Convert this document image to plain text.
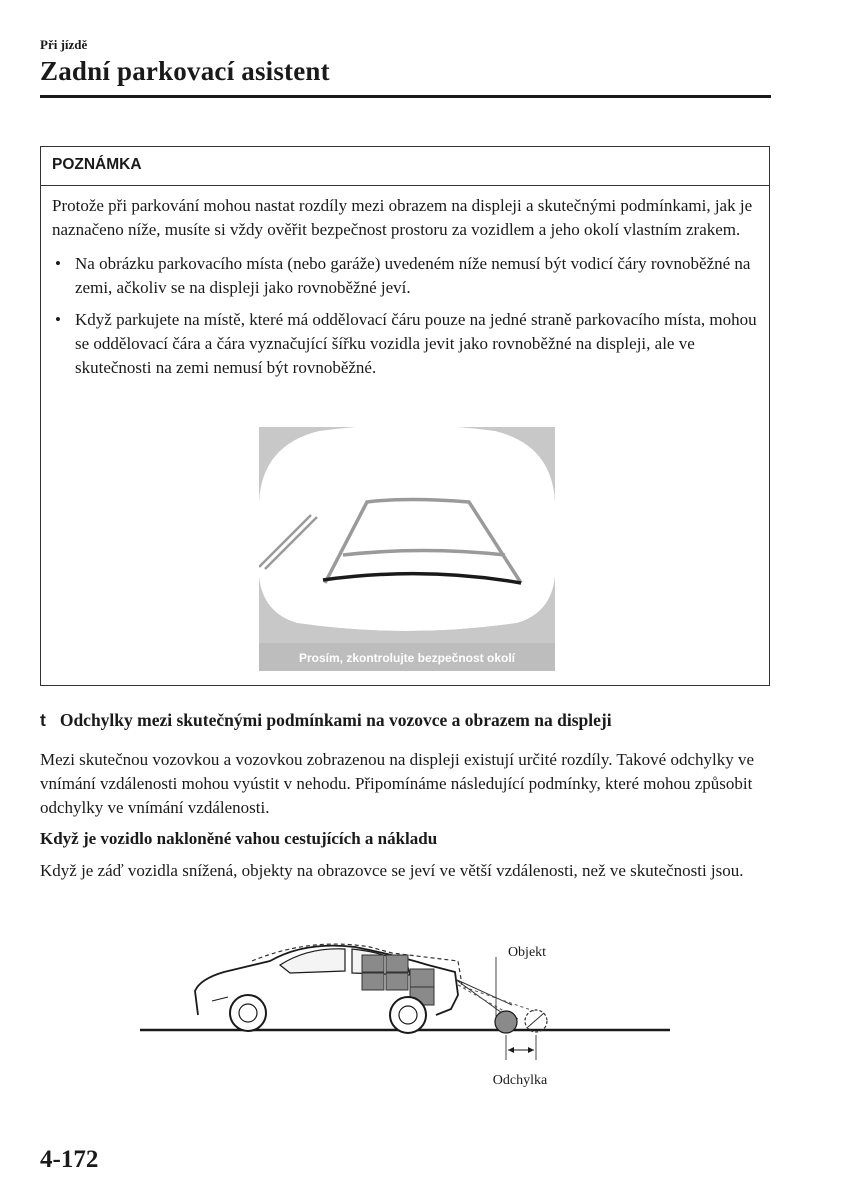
Při jízdě
Zadní parkovací asistent
POZNÁMKA

Protože při parkování mohou nastat rozdíly mezi obrazem na displeji a skutečnými podmínkami, jak je naznačeno níže, musíte si vždy ověřit bezpečnost prostoru za vozidlem a jeho okolí vlastním zrakem.

• Na obrázku parkovacího místa (nebo garáže) uvedeném níže nemusí být vodicí čáry rovnoběžné na zemi, ačkoliv se na displeji jako rovnoběžné jeví.
• Když parkujete na místě, které má oddělovací čáru pouze na jedné straně parkovacího místa, mohou se oddělovací čára a čára vyznačující šířku vozidla jevit jako rovnoběžné na displeji, ale ve skutečnosti na zemi nemusí být rovnoběžné.
Prosím, zkontrolujte bezpečnost okolí
t Odchylky mezi skutečnými podmínkami na vozovce a obrazem na displeji

Mezi skutečnou vozovkou a vozovkou zobrazenou na displeji existují určité rozdíly. Takové odchylky ve vnímání vzdálenosti mohou vyústit v nehodu. Připomínáme následující podmínky, které mohou způsobit odchylky ve vnímání vzdálenosti.

Když je vozidlo nakloněné vahou cestujících a nákladu

Když je záď vozidla snížená, objekty na obrazovce se jeví ve větší vzdálenosti, než ve skutečnosti jsou.

Objekt
Odchylka
4-172
